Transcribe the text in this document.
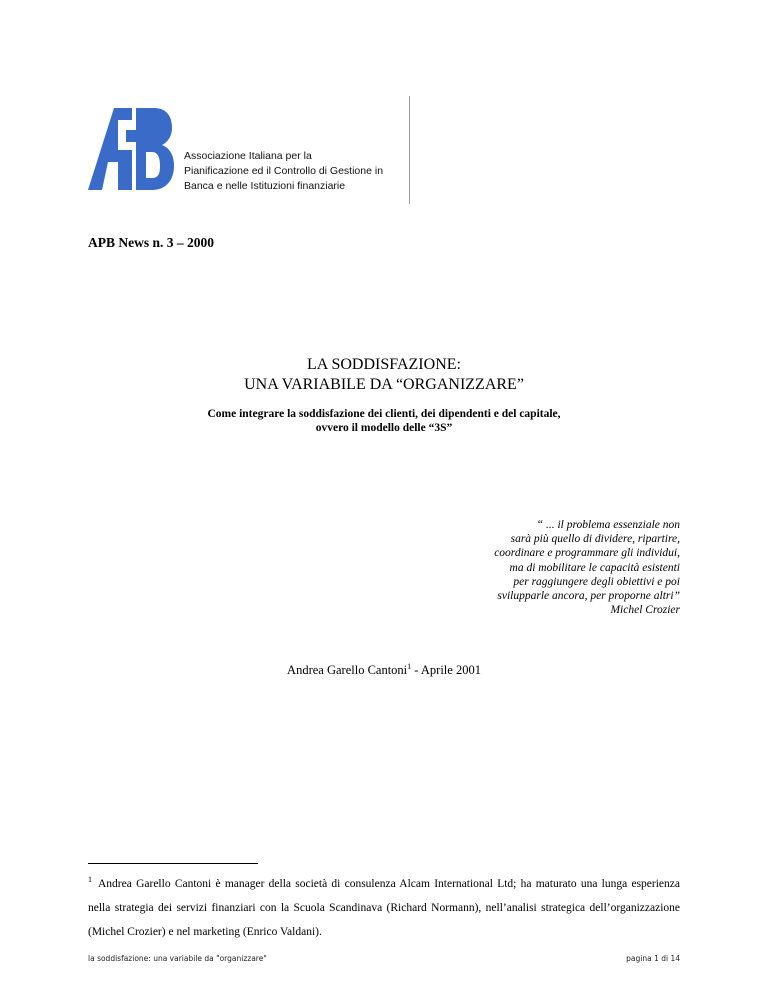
Associazione Italiana per la
Pianificazione ed il Controllo di Gestione in
Banca e nelle Istituzioni finanziarie
APB News n. 3 – 2000
LA SODDISFAZIONE:
UNA VARIABILE DA “ORGANIZZARE”
Come integrare la soddisfazione dei clienti, dei dipendenti e del capitale,
ovvero il modello delle “3S”
“ ... il problema essenziale non
sarà più quello di dividere, ripartire,
coordinare e programmare gli individui,
ma di mobilitare le capacità esistenti
per raggiungere degli obiettivi e poi
svilupparle ancora, per proporne altri”
Michel Crozier
Andrea Garello Cantoni$^1$ - Aprile 2001
$^1$ Andrea Garello Cantoni è manager della società di consulenza Alcam International Ltd; ha maturato una lunga esperienza nella strategia dei servizi finanziari con la Scuola Scandinava (Richard Normann), nell’analisi strategica dell’organizzazione (Michel Crozier) e nel marketing (Enrico Valdani).
la soddisfazione: una variabile da "organizzare"	pagina 1 di 14
